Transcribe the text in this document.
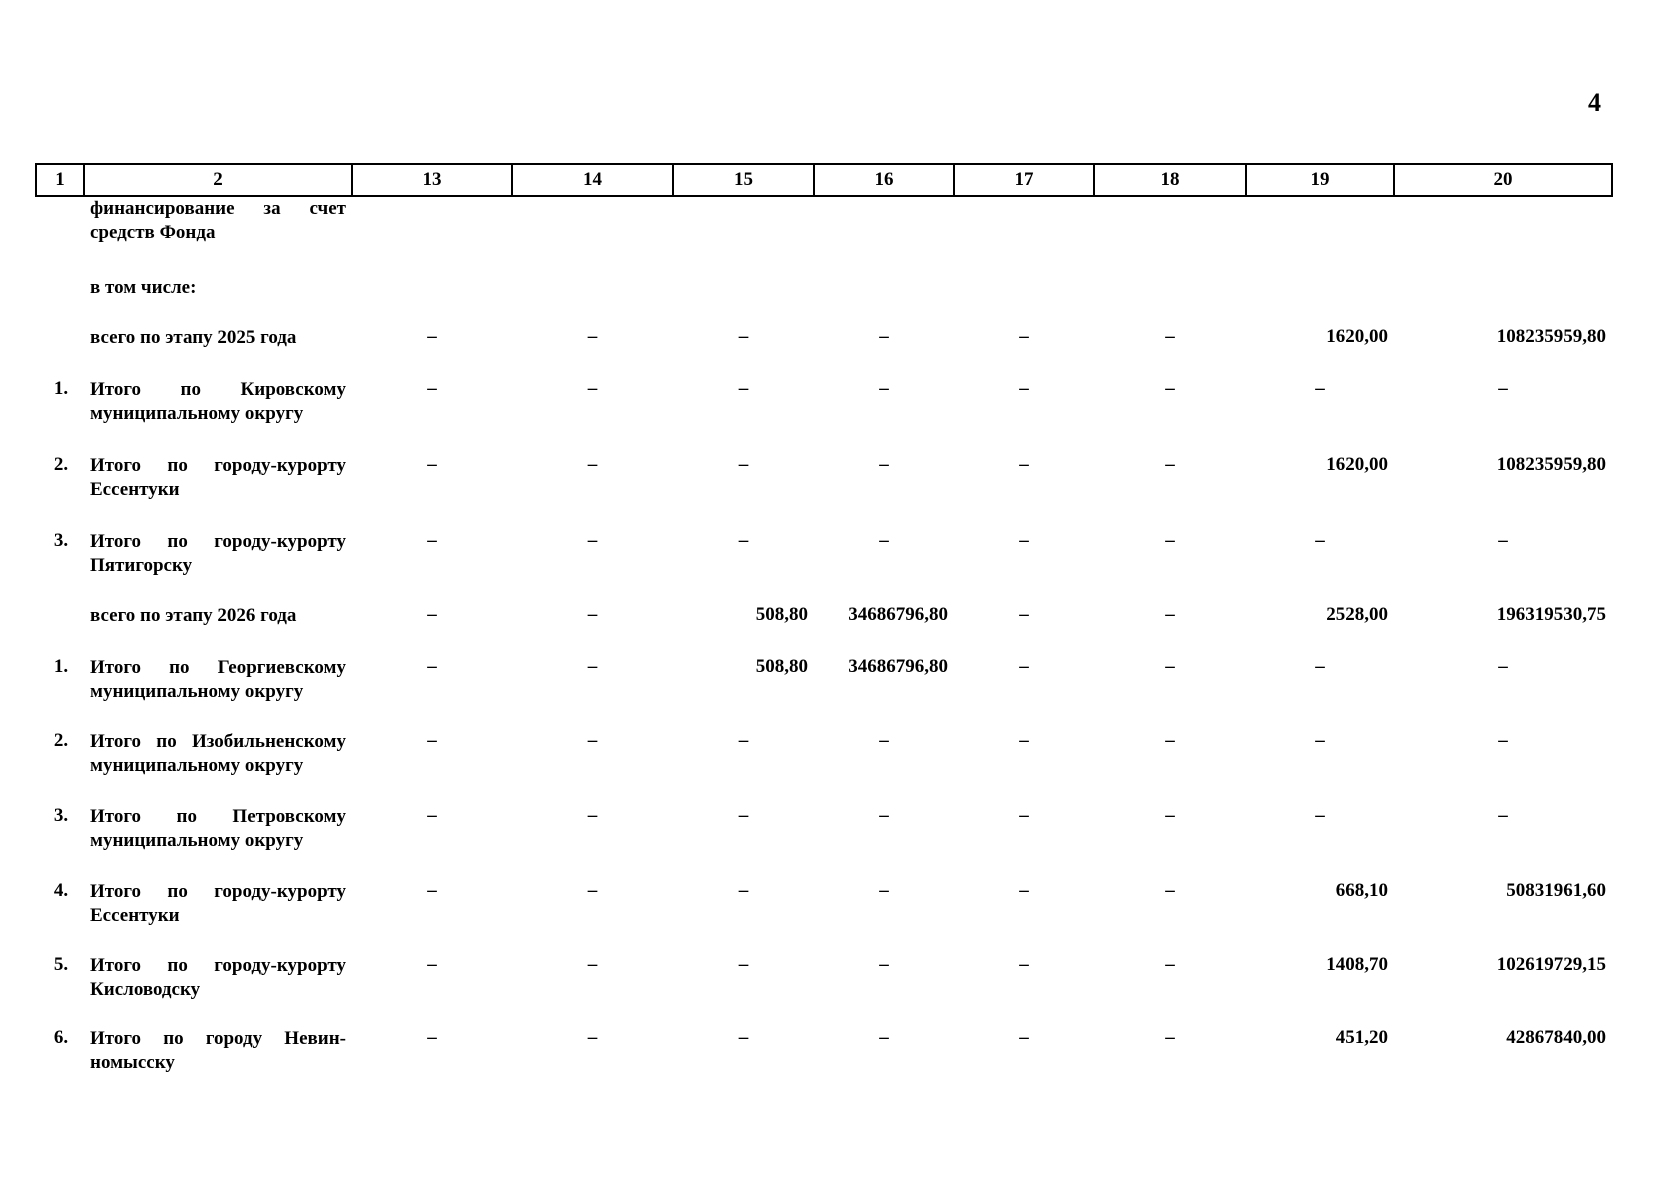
4
1	2	13	14	15	16	17	18	19	20
	финансирование за счет средств Фонда								
	в том числе:								
	всего по этапу 2025 года	–	–	–	–	–	–	1620,00	108235959,80
1.	Итого по Кировскому муниципальному округу	–	–	–	–	–	–	–	–
2.	Итого по городу-курорту Ессентуки	–	–	–	–	–	–	1620,00	108235959,80
3.	Итого по городу-курорту Пятигорску	–	–	–	–	–	–	–	–
	всего по этапу 2026 года	–	–	508,80	34686796,80	–	–	2528,00	196319530,75
1.	Итого по Георгиевскому муниципальному округу	–	–	508,80	34686796,80	–	–	–	–
2.	Итого по Изобильненскому муниципальному округу	–	–	–	–	–	–	–	–
3.	Итого по Петровскому муниципальному округу	–	–	–	–	–	–	–	–
4.	Итого по городу-курорту Ессентуки	–	–	–	–	–	–	668,10	50831961,60
5.	Итого по городу-курорту Кисловодску	–	–	–	–	–	–	1408,70	102619729,15
6.	Итого по городу Невин-номысску	–	–	–	–	–	–	451,20	42867840,00
